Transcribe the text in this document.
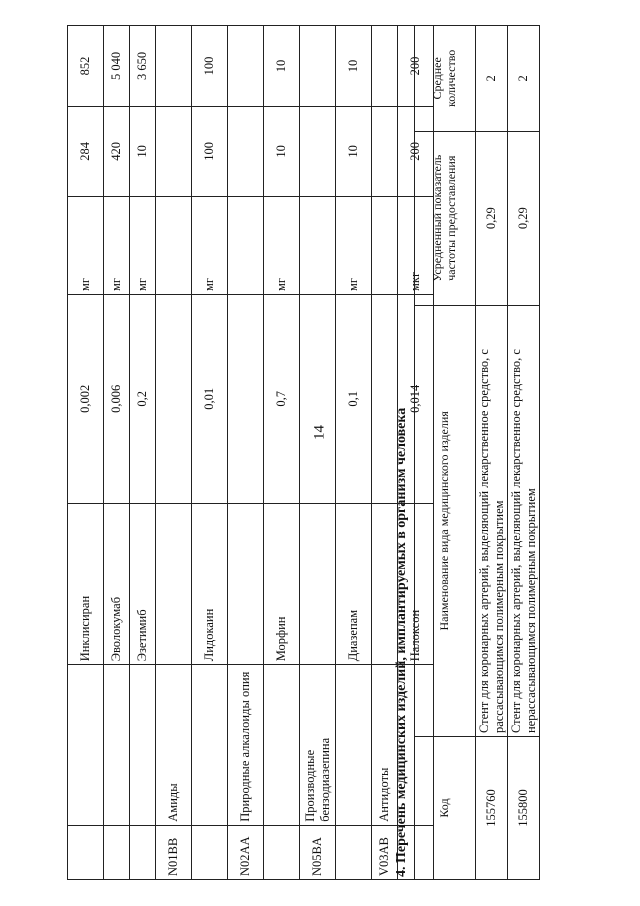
14
		Инклисиран	0,002	мг	284	852
		Эволокумаб	0,006	мг	420	5 040
		Эзетимиб	0,2	мг	10	3 650
N01BB	Амиды					
		Лидокаин	0,01	мг	100	100
N02AA	Природные алкалоиды опия					
		Морфин	0,7	мг	10	10
N05BA	Производные бензодиазепина					
		Диазепам	0,1	мг	10	10
V03AB	Антидоты					
		Налоксон	0,014	мкг	200	200
4. Перечень медицинских изделий, имплантируемых в организм человека Код	Наименование вида медицинского изделия	Усредненный показатель частоты предоставления	Среднее количество
155760	Стент для коронарных артерий, выделяющий лекарственное средство, с рассасывающимся полимерным покрытием	0,29	2
155800	Стент для коронарных артерий, выделяющий лекарственное средство, с нерассасывающимся полимерным покрытием	0,29	2
